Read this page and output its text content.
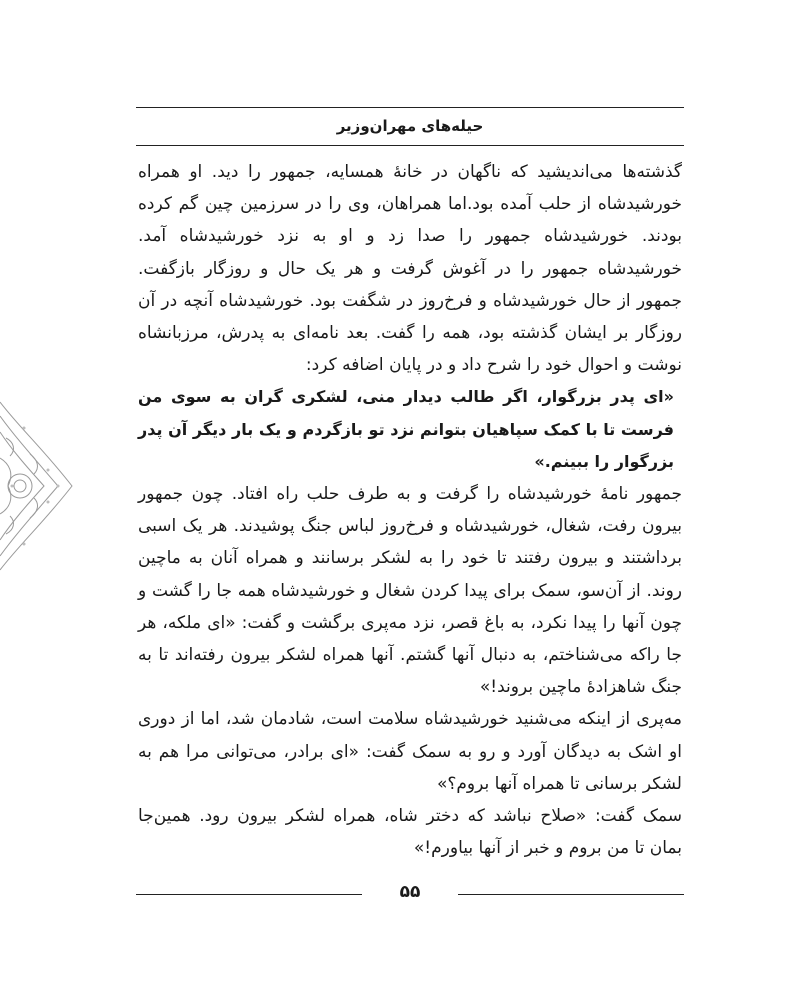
حیله‌های مهران‌وزیر

گذشته‌ها می‌اندیشید که ناگهان در خانهٔ همسایه، جمهور را دید. او همراه خورشیدشاه از حلب آمده بود.اما همراهان، وی را در سرزمین چین گم کرده بودند. خورشیدشاه جمهور را صدا زد و او به نزد خورشیدشاه آمد. خورشیدشاه جمهور را در آغوش گرفت و هر یک حال و روزگار بازگفت. جمهور از حال خورشیدشاه و فرخ‌روز در شگفت بود. خورشیدشاه آنچه در آن روزگار بر ایشان گذشته بود، همه را گفت. بعد نامه‌ای به پدرش، مرزبانشاه نوشت و احوال خود را شرح داد و در پایان اضافه کرد:

«ای پدر بزرگوار، اگر طالب دیدار منی، لشکری گران به سوی من فرست تا با کمک سپاهیان بتوانم نزد تو بازگردم و یک بار دیگر آن پدر بزرگوار را ببینم.»

جمهور نامهٔ خورشیدشاه را گرفت و به طرف حلب راه افتاد. چون جمهور بیرون رفت، شغال، خورشیدشاه و فرخ‌روز لباس جنگ پوشیدند. هر یک اسبی برداشتند و بیرون رفتند تا خود را به لشکر برسانند و همراه آنان به ماچین روند. از آن‌سو، سمک برای پیدا کردن شغال و خورشیدشاه همه جا را گشت و چون آنها را پیدا نکرد، به باغ قصر، نزد مه‌پری برگشت و گفت: «ای ملکه، هر جا راکه می‌شناختم، به دنبال آنها گشتم. آنها همراه لشکر بیرون رفته‌اند تا به جنگ شاهزادهٔ ماچین بروند!»

مه‌پری از اینکه می‌شنید خورشیدشاه سلامت است، شادمان شد، اما از دوری او اشک به دیدگان آورد و رو به سمک گفت: «ای برادر، می‌توانی مرا هم به لشکر برسانی تا همراه آنها بروم؟»

سمک گفت: «صلاح نباشد که دختر شاه، همراه لشکر بیرون رود. همین‌جا بمان تا من بروم و خبر از آنها بیاورم!»

۵۵
